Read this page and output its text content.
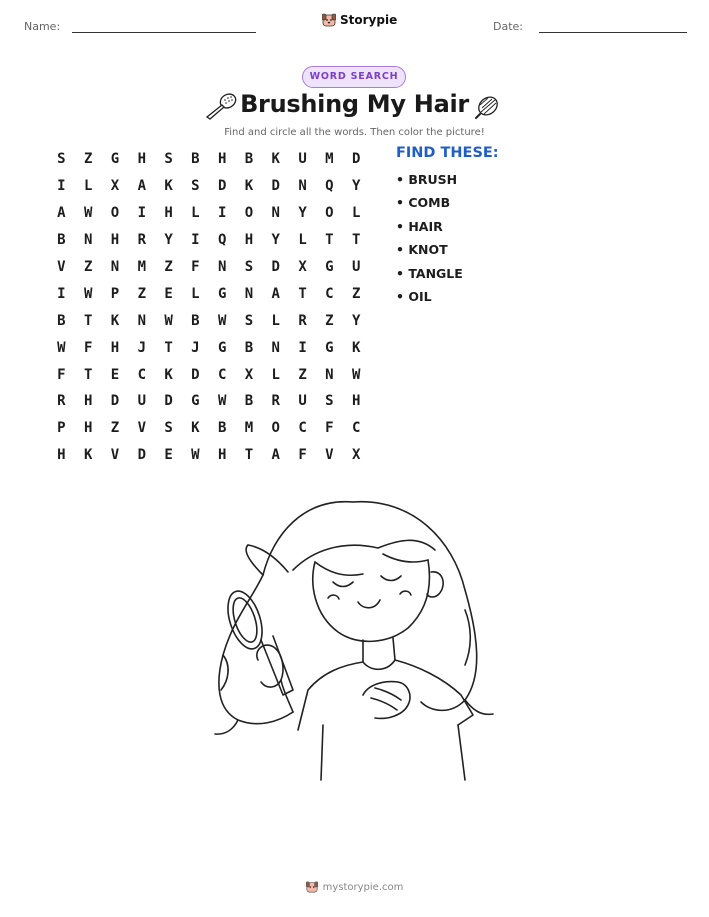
Name:	Storypie	Date:
WORD SEARCH
Brushing My Hair
Find and circle all the words. Then color the picture!
S	Z	G	H	S	B	H	B	K	U	M	D
I	L	X	A	K	S	D	K	D	N	Q	Y
A	W	O	I	H	L	I	O	N	Y	O	L
B	N	H	R	Y	I	Q	H	Y	L	T	T
V	Z	N	M	Z	F	N	S	D	X	G	U
I	W	P	Z	E	L	G	N	A	T	C	Z
B	T	K	N	W	B	W	S	L	R	Z	Y
W	F	H	J	T	J	G	B	N	I	G	K
F	T	E	C	K	D	C	X	L	Z	N	W
R	H	D	U	D	G	W	B	R	U	S	H
P	H	Z	V	S	K	B	M	O	C	F	C
H	K	V	D	E	W	H	T	A	F	V	X
FIND THESE:
• BRUSH
• COMB
• HAIR
• KNOT
• TANGLE
• OIL
mystorypie.com
